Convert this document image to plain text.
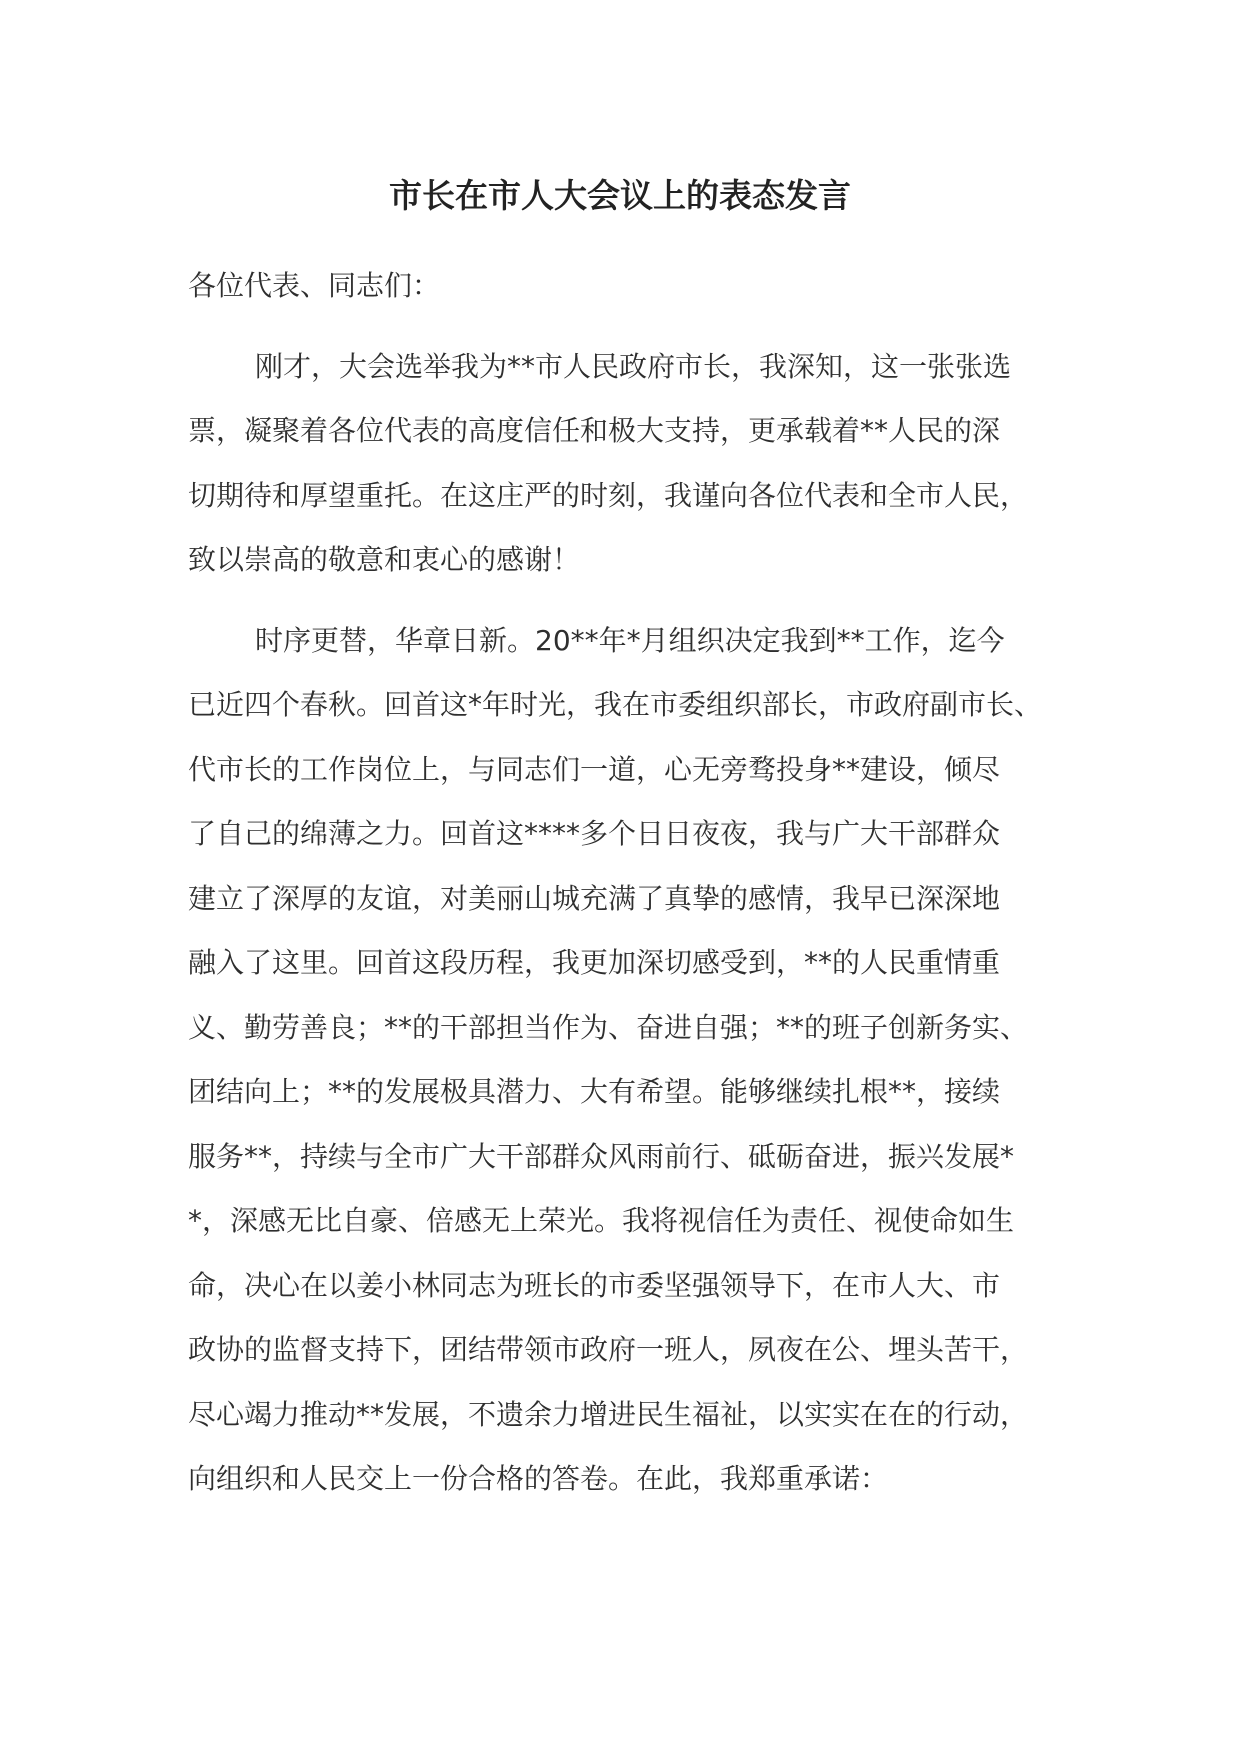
市长在市人大会议上的表态发言
各位代表、同志们：
刚才，大会选举我为**市人民政府市长，我深知，这一张张选
票，凝聚着各位代表的高度信任和极大支持，更承载着**人民的深
切期待和厚望重托。在这庄严的时刻，我谨向各位代表和全市人民，
致以崇高的敬意和衷心的感谢！
时序更替，华章日新。20**年*月组织决定我到**工作，迄今
已近四个春秋。回首这*年时光，我在市委组织部长，市政府副市长、
代市长的工作岗位上，与同志们一道，心无旁骛投身**建设，倾尽
了自己的绵薄之力。回首这****多个日日夜夜，我与广大干部群众
建立了深厚的友谊，对美丽山城充满了真挚的感情，我早已深深地
融入了这里。回首这段历程，我更加深切感受到，**的人民重情重
义、勤劳善良；**的干部担当作为、奋进自强；**的班子创新务实、
团结向上；**的发展极具潜力、大有希望。能够继续扎根**，接续
服务**，持续与全市广大干部群众风雨前行、砥砺奋进，振兴发展*
*，深感无比自豪、倍感无上荣光。我将视信任为责任、视使命如生
命，决心在以姜小林同志为班长的市委坚强领导下，在市人大、市
政协的监督支持下，团结带领市政府一班人，夙夜在公、埋头苦干，
尽心竭力推动**发展，不遗余力增进民生福祉，以实实在在的行动，
向组织和人民交上一份合格的答卷。在此，我郑重承诺：
